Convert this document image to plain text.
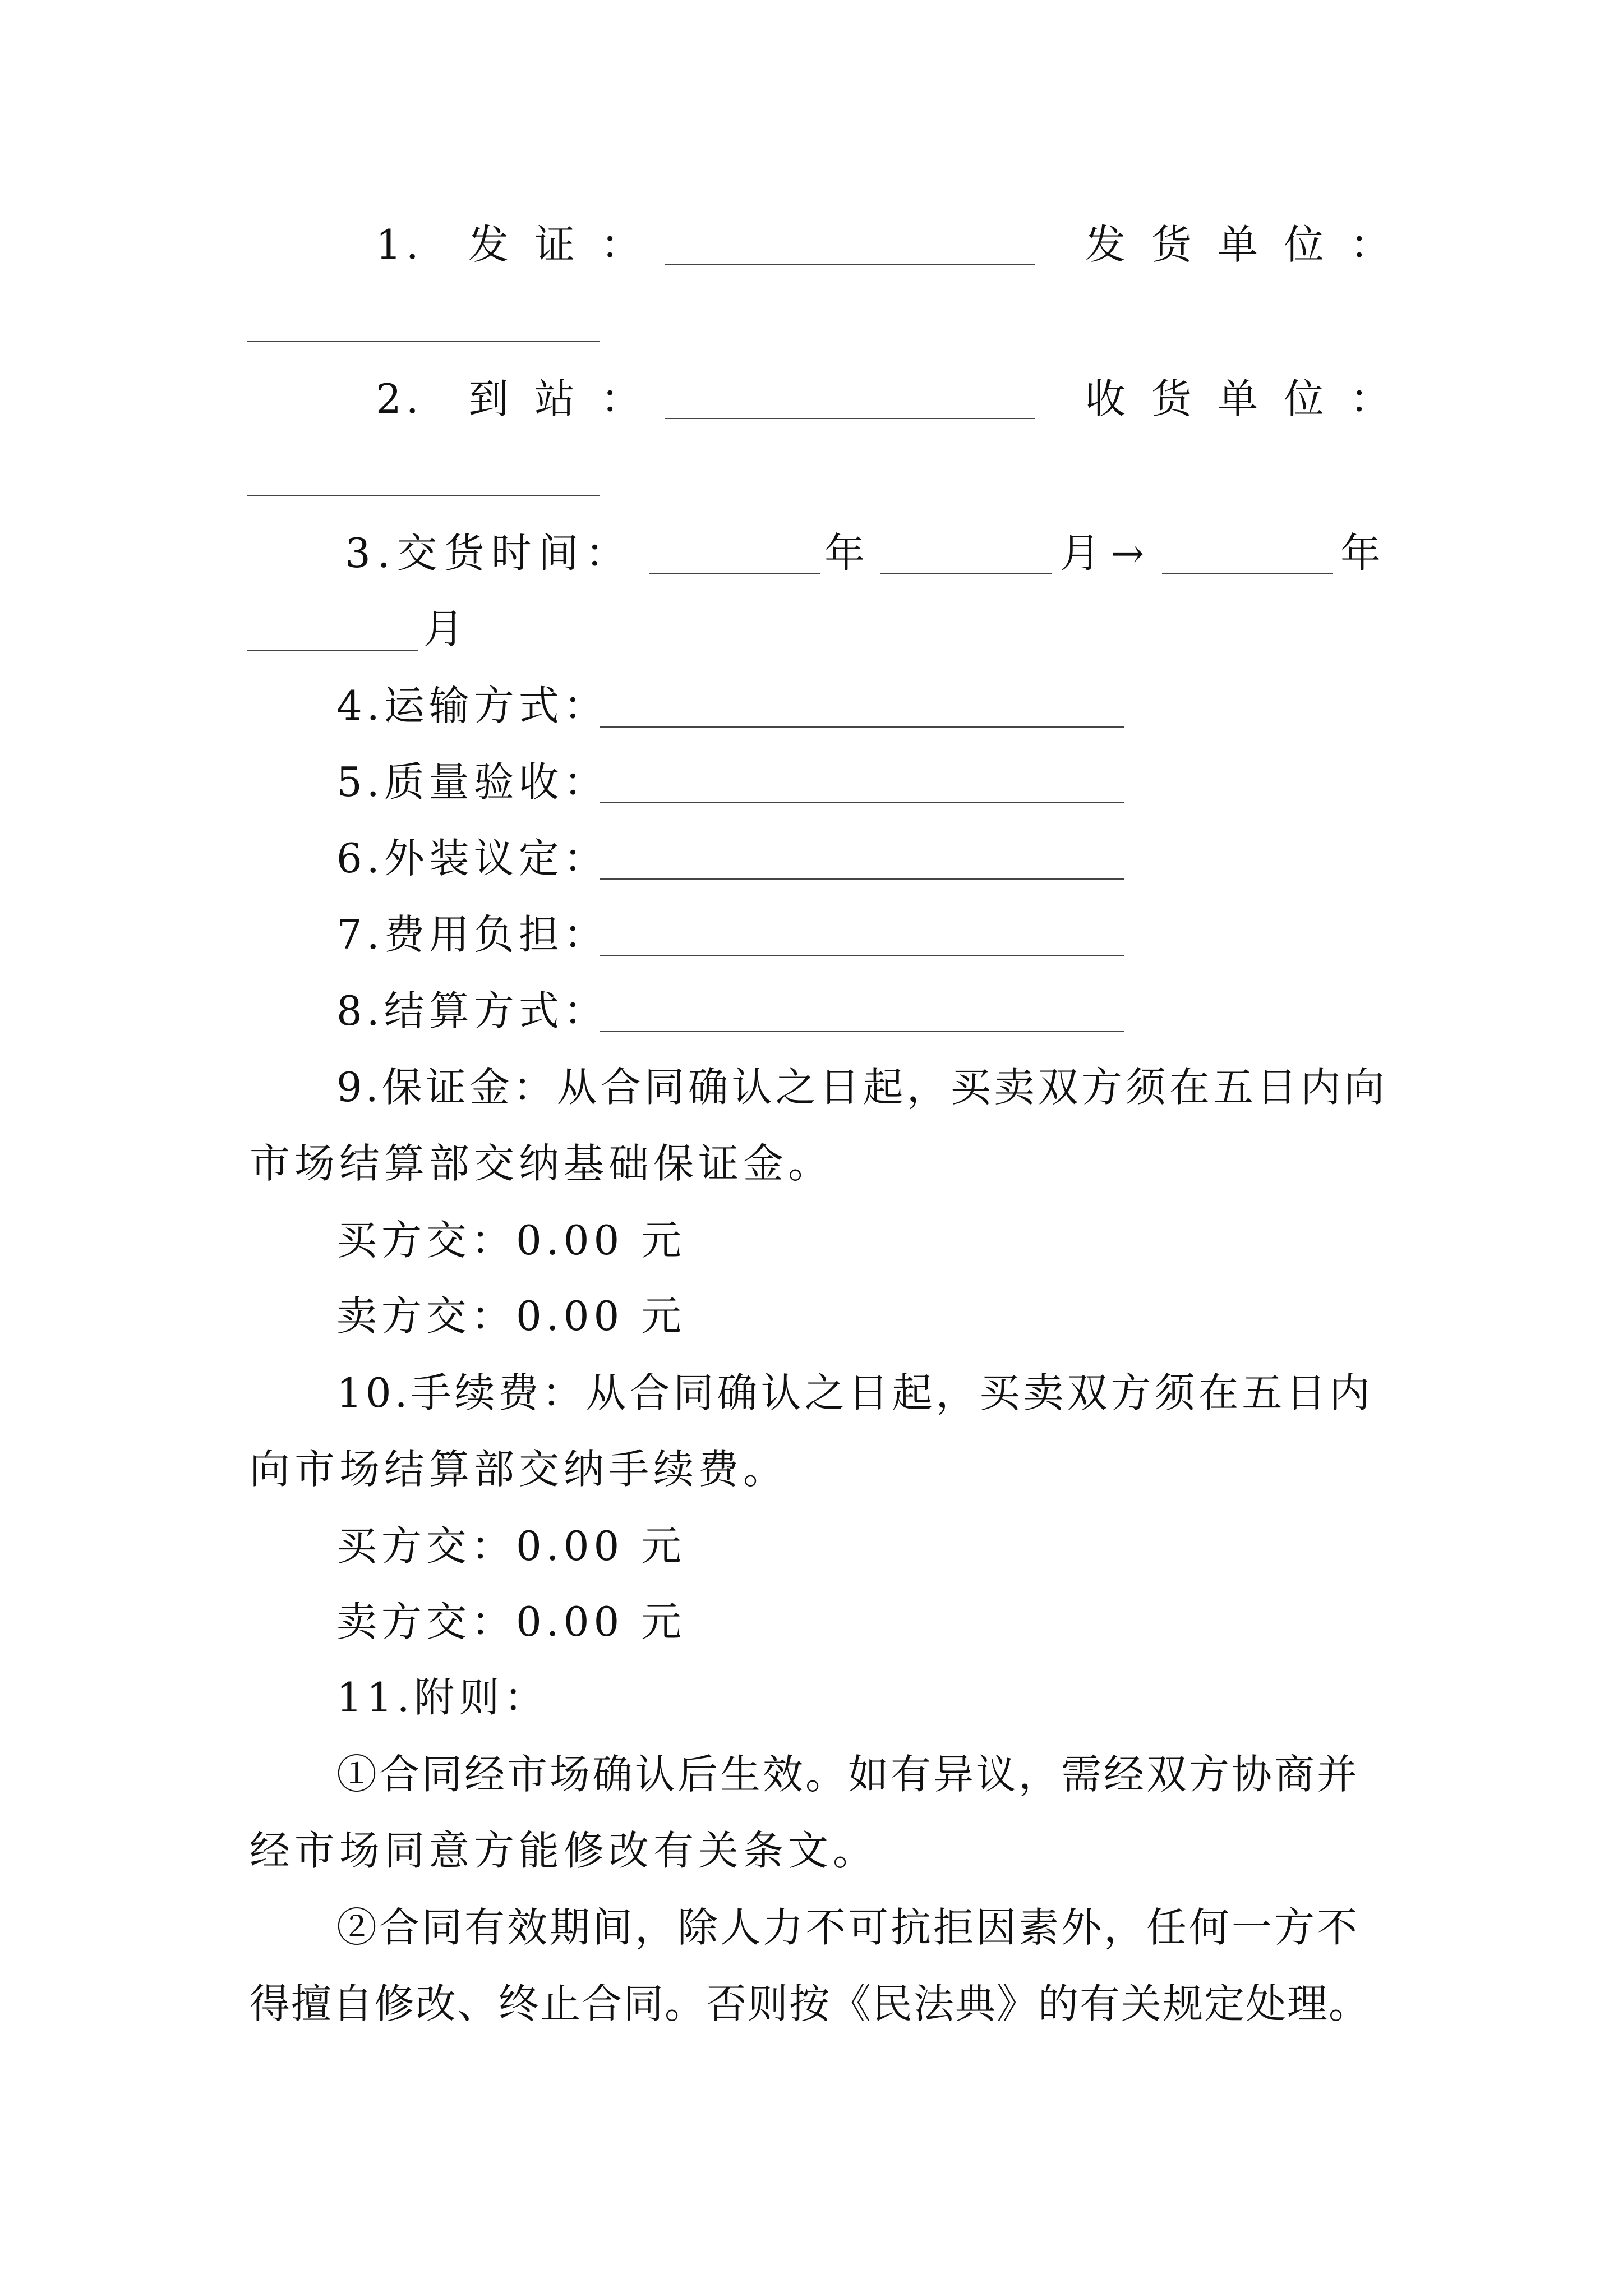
1. 发证：	发货单位：
2. 到站：	收货单位：
3.交货时间：	年	月 →	年
月
4.运输方式：
5.质量验收：
6.外装议定：
7.费用负担：
8.结算方式：
9.保证金：从合同确认之日起，买卖双方须在五日内向
市场结算部交纳基础保证金。
买方交：0.00 元
卖方交：0.00 元
10.手续费：从合同确认之日起，买卖双方须在五日内
向市场结算部交纳手续费。
买方交：0.00 元
卖方交：0.00 元
11.附则：
①合同经市场确认后生效。如有异议，需经双方协商并
经市场同意方能修改有关条文。
②合同有效期间，除人力不可抗拒因素外，任何一方不
得擅自修改、终止合同。否则按《民法典》的有关规定处理。
